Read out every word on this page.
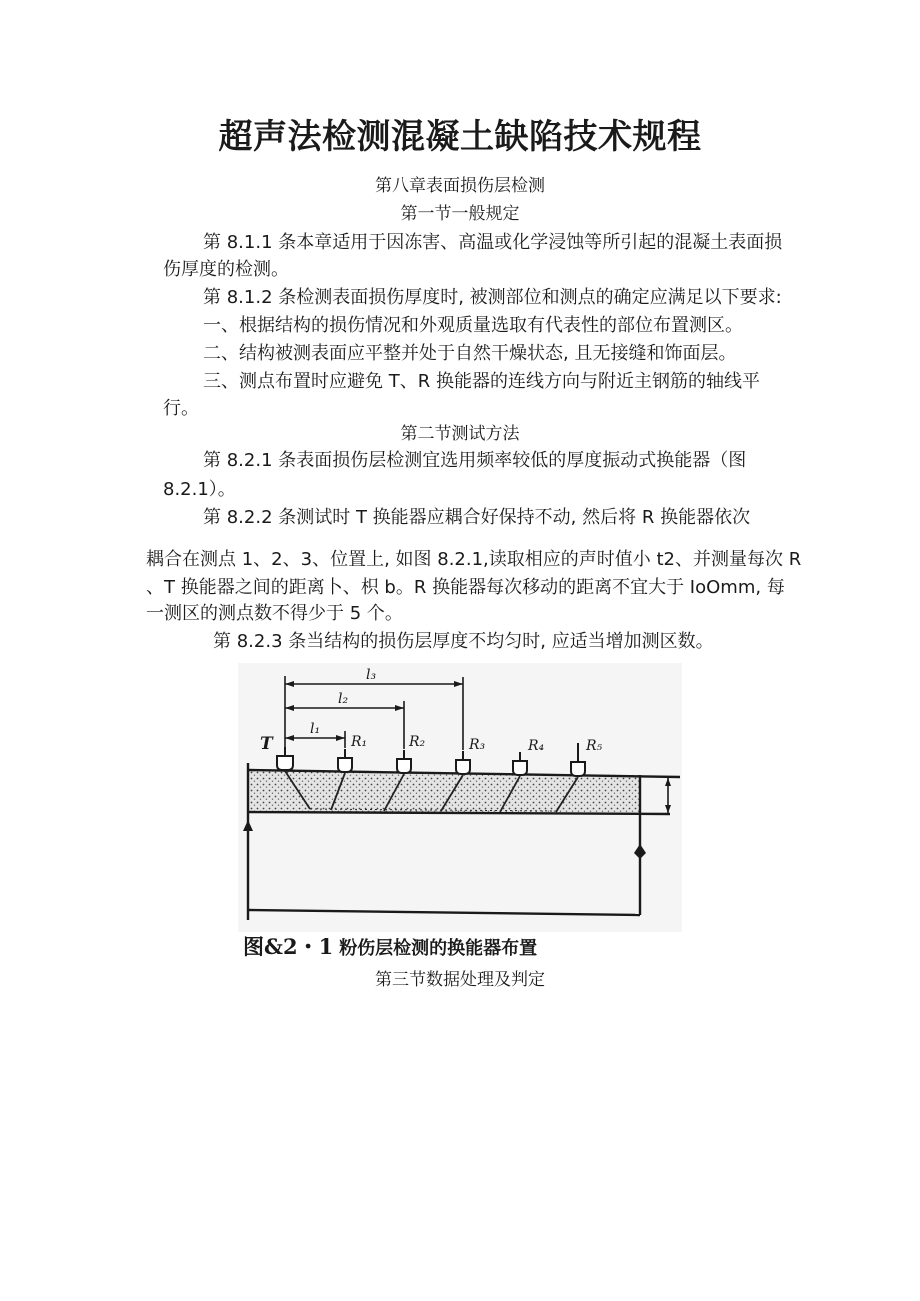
超声法检测混凝土缺陷技术规程
第八章表面损伤层检测
第一节一般规定
第 8.1.1 条本章适用于因冻害、高温或化学浸蚀等所引起的混凝土表面损
伤厚度的检测。
第 8.1.2 条检测表面损伤厚度时, 被测部位和测点的确定应满足以下要求:
一、根据结构的损伤情况和外观质量选取有代表性的部位布置测区。
二、结构被测表面应平整并处于自然干燥状态, 且无接缝和饰面层。
三、测点布置时应避免 T、R 换能器的连线方向与附近主钢筋的轴线平
行。
第二节测试方法
第 8.2.1 条表面损伤层检测宜选用频率较低的厚度振动式换能器（图
8.2.1）。
第 8.2.2 条测试时 T 换能器应耦合好保持不动, 然后将 R 换能器依次
耦合在测点 1、2、3、位置上, 如图 8.2.1,读取相应的声时值小 t2、并测量每次 R
、T 换能器之间的距离卜、枳 b。R 换能器每次移动的距离不宜大于 IoOmm, 每
一测区的测点数不得少于 5 个。
第 8.2.3 条当结构的损伤层厚度不均匀时, 应适当增加测区数。
l₃
l₂
l₁
T	R₁	R₂	R₃	R₄	R₅
图&2・1 粉伤层检测的换能器布置
第三节数据处理及判定
